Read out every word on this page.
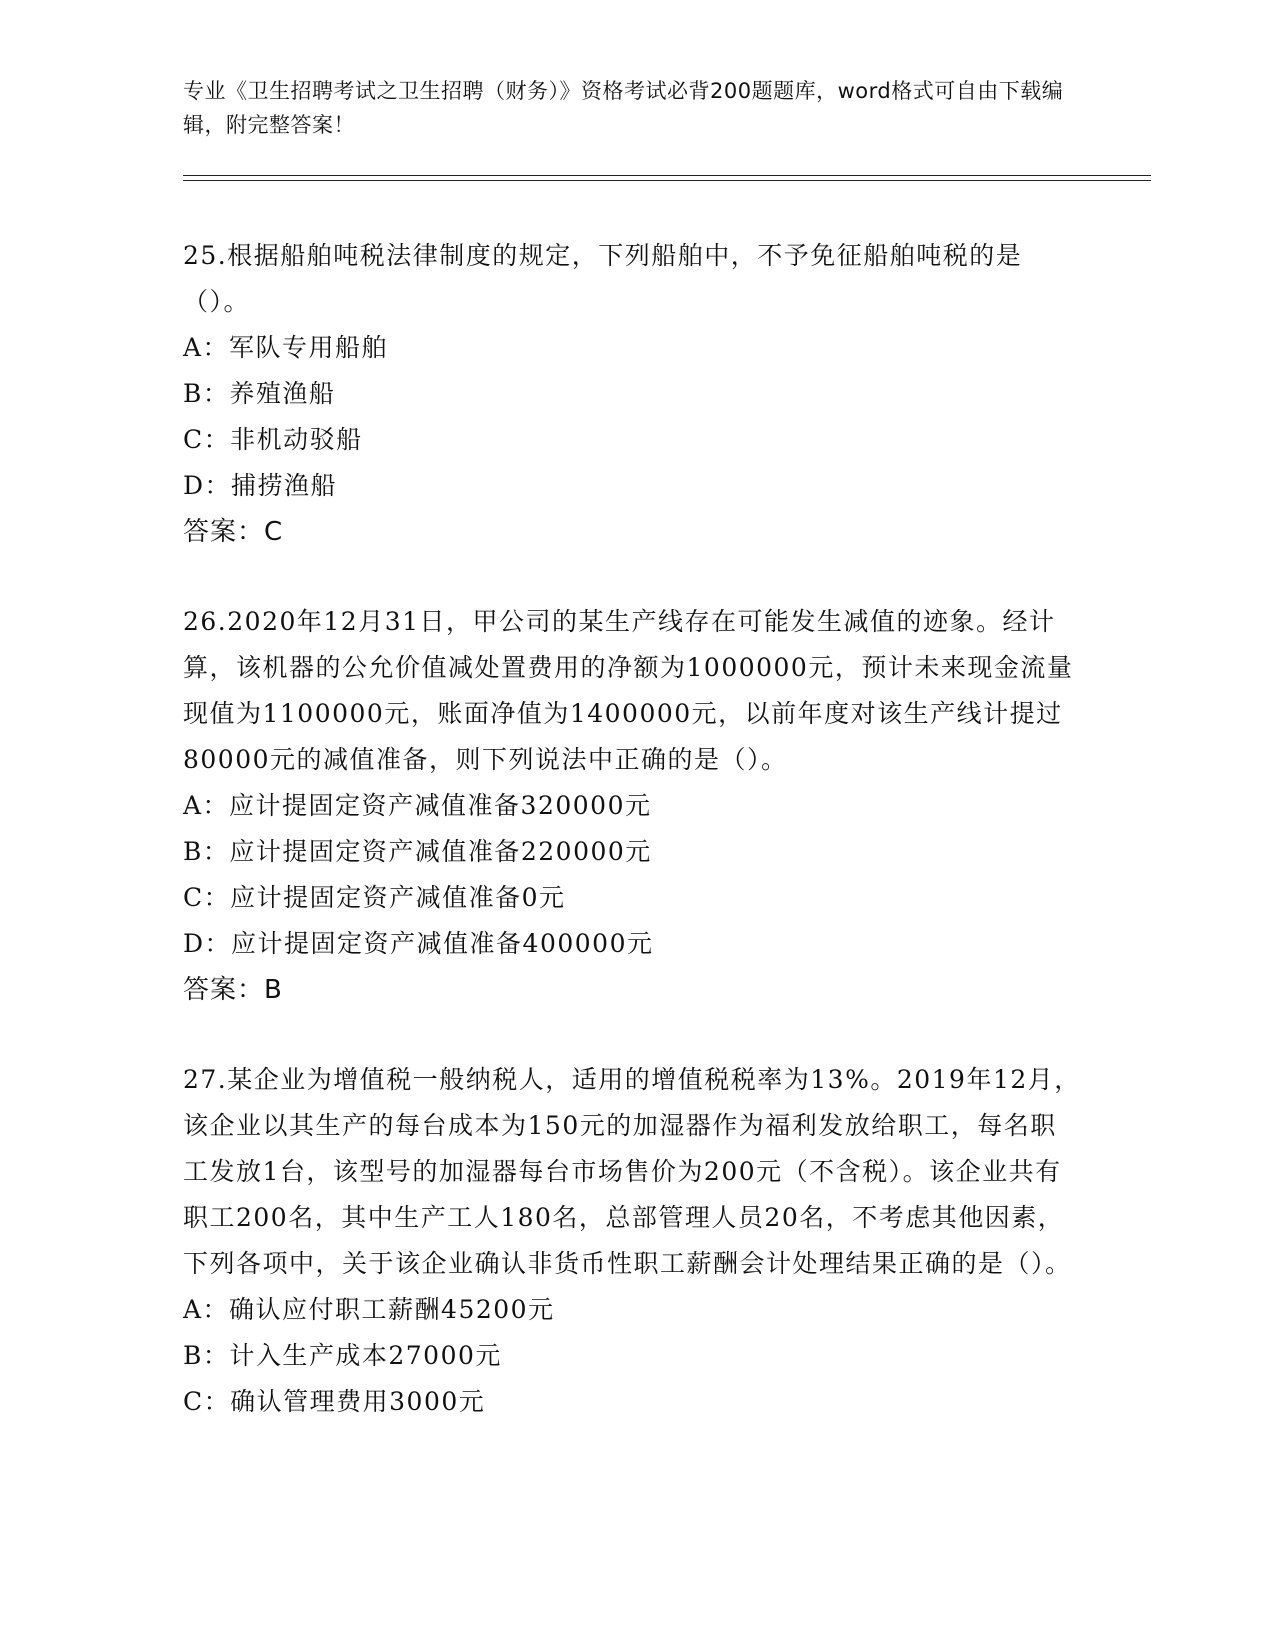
专业《卫生招聘考试之卫生招聘（财务）》资格考试必背200题题库，word格式可自由下载编辑，附完整答案！

25.根据船舶吨税法律制度的规定，下列船舶中，不予免征船舶吨税的是（）。

A：军队专用船舶

B：养殖渔船

C：非机动驳船

D：捕捞渔船

答案：C

26.2020年12月31日，甲公司的某生产线存在可能发生减值的迹象。经计算，该机器的公允价值减处置费用的净额为1000000元，预计未来现金流量现值为1100000元，账面净值为1400000元，以前年度对该生产线计提过80000元的减值准备，则下列说法中正确的是（）。

A：应计提固定资产减值准备320000元

B：应计提固定资产减值准备220000元

C：应计提固定资产减值准备0元

D：应计提固定资产减值准备400000元

答案：B

27.某企业为增值税一般纳税人，适用的增值税税率为13%。2019年12月，该企业以其生产的每台成本为150元的加湿器作为福利发放给职工，每名职工发放1台，该型号的加湿器每台市场售价为200元（不含税）。该企业共有职工200名，其中生产工人180名，总部管理人员20名，不考虑其他因素，下列各项中，关于该企业确认非货币性职工薪酬会计处理结果正确的是（）。

A：确认应付职工薪酬45200元

B：计入生产成本27000元

C：确认管理费用3000元
